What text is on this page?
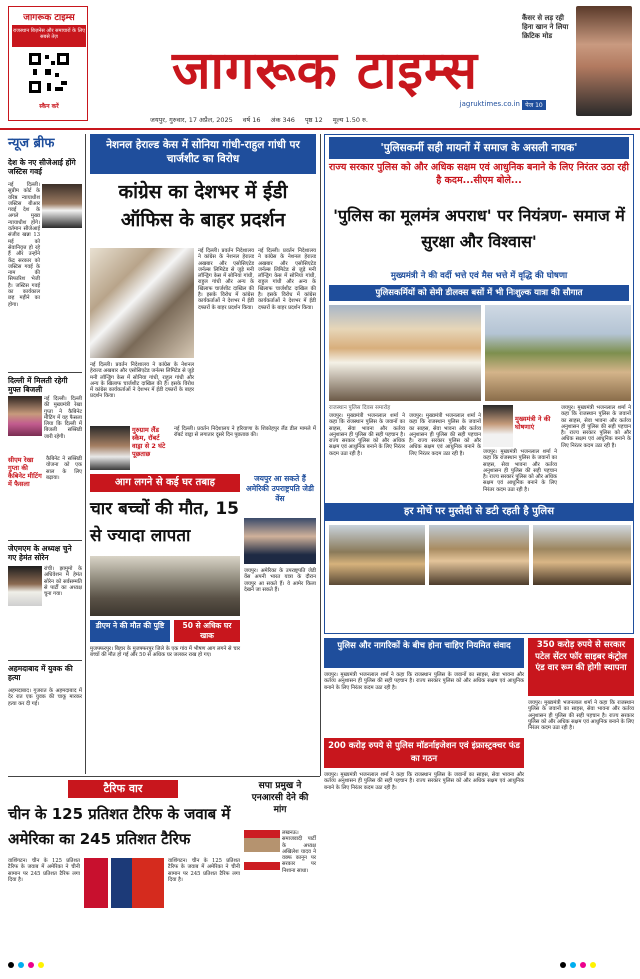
जागरूक टाइम्स
राजस्थान बिज़नेस और समाचारों के लिए सबसे तेज़
स्कैन करें
जागरूक टाइम्स
jagruktimes.co.in
कैंसर से लड़ रही हिना खान ने लिया क्रिटिक मोड
पेज 10
जयपुर, गुरुवार, 17 अप्रैल, 2025 वर्ष 16 अंक 346 पृष्ठ 12 मूल्य 1.50 रु.
न्यूज ब्रीफ
देश के नए सीजेआई होंगे जस्टिस गवई
नई दिल्ली। सुप्रीम कोर्ट के वरिष्ठ न्यायाधीश जस्टिस बीआर गवई देश के अगले मुख्य न्यायाधीश होंगे। वर्तमान सीजेआई संजीव खन्ना 13 मई को सेवानिवृत्त हो रहे हैं और उन्होंने केंद्र सरकार को जस्टिस गवई के नाम की सिफारिश भेजी है। जस्टिस गवई का कार्यकाल छह महीने का होगा।
दिल्ली में मिलती रहेगी मुफ्त बिजली
नई दिल्ली। दिल्ली की मुख्यमंत्री रेखा गुप्ता ने कैबिनेट मीटिंग में यह फैसला लिया कि दिल्ली में बिजली सब्सिडी जारी रहेगी।
सीएम रेखा गुप्ता की कैबिनेट मीटिंग में फैसला
कैबिनेट ने सब्सिडी योजना को एक साल के लिए बढ़ाया।
जेएमएम के अध्यक्ष चुने गए हेमंत सोरेन
रांची। झामुमो के अधिवेशन में हेमंत सोरेन को सर्वसम्मति से पार्टी का अध्यक्ष चुना गया।
अहमदाबाद में युवक की हत्या
अहमदाबाद। गुजरात के अहमदाबाद में देर रात एक युवक की चाकू मारकर हत्या कर दी गई।
नेशनल हेराल्ड केस में सोनिया गांधी-राहुल गांधी पर चार्जशीट का विरोध
कांग्रेस का देशभर में ईडी ऑफिस के बाहर प्रदर्शन
नई दिल्ली। प्रवर्तन निदेशालय ने कांग्रेस के नेशनल हेराल्ड अखबार और एसोसिएटेड जर्नल्स लिमिटेड से जुड़े मनी लॉन्ड्रिंग केस में सोनिया गांधी, राहुल गांधी और अन्य के खिलाफ चार्जशीट दाखिल की है। इसके विरोध में कांग्रेस कार्यकर्ताओं ने देशभर में ईडी दफ्तरों के बाहर प्रदर्शन किया।
नई दिल्ली। प्रवर्तन निदेशालय ने कांग्रेस के नेशनल हेराल्ड अखबार और एसोसिएटेड जर्नल्स लिमिटेड से जुड़े मनी लॉन्ड्रिंग केस में सोनिया गांधी, राहुल गांधी और अन्य के खिलाफ चार्जशीट दाखिल की है। इसके विरोध में कांग्रेस कार्यकर्ताओं ने देशभर में ईडी दफ्तरों के बाहर प्रदर्शन किया।
नई दिल्ली। प्रवर्तन निदेशालय ने कांग्रेस के नेशनल हेराल्ड अखबार और एसोसिएटेड जर्नल्स लिमिटेड से जुड़े मनी लॉन्ड्रिंग केस में सोनिया गांधी, राहुल गांधी और अन्य के खिलाफ चार्जशीट दाखिल की है। इसके विरोध में कांग्रेस कार्यकर्ताओं ने देशभर में ईडी दफ्तरों के बाहर प्रदर्शन किया।
गुरुग्राम लैंड स्कैम, रॉबर्ट वाड्रा से 2 घंटे पूछताछ
नई दिल्ली। प्रवर्तन निदेशालय ने हरियाणा के शिकोहपुर लैंड डील मामले में रॉबर्ट वाड्रा से लगातार दूसरे दिन पूछताछ की।
आग लगने से कई घर तबाह
चार बच्चों की मौत, 15 से ज्यादा लापता
डीएम ने की मौत की पुष्टि	50 से अधिक घर खाक
मुजफ्फरपुर। बिहार के मुजफ्फरपुर जिले के एक गांव में भीषण आग लगने से चार बच्चों की मौत हो गई और 50 से अधिक घर जलकर राख हो गए।
जयपुर आ सकते हैं अमेरिकी उपराष्ट्रपति जेडी वेंस
जयपुर। अमेरिका के उपराष्ट्रपति जेडी वेंस अपनी भारत यात्रा के दौरान जयपुर आ सकते हैं। वे आमेर किला देखने जा सकते हैं।
'पुलिसकर्मी सही मायनों में समाज के असली नायक'
राज्य सरकार पुलिस को और अधिक सक्षम एवं आधुनिक बनाने के लिए निरंतर उठा रही है कदम...सीएम बोले...
'पुलिस का मूलमंत्र अपराध' पर नियंत्रण- समाज में सुरक्षा और विश्वास'
मुख्यमंत्री ने की वर्दी भत्ते एवं मैस भत्ते में वृद्धि की घोषणा
पुलिसकर्मियों को सेमी डीलक्स बसों में भी निःशुल्क यात्रा की सौगात
राजस्थान पुलिस दिवस समारोह
मुख्यमंत्री ने की घोषणाएं
जयपुर। मुख्यमंत्री भजनलाल शर्मा ने कहा कि राजस्थान पुलिस के जवानों का साहस, सेवा भावना और कर्तव्य अनुशासन ही पुलिस की सही पहचान है। राज्य सरकार पुलिस को और अधिक सक्षम एवं आधुनिक बनाने के लिए निरंतर कदम उठा रही है।
जयपुर। मुख्यमंत्री भजनलाल शर्मा ने कहा कि राजस्थान पुलिस के जवानों का साहस, सेवा भावना और कर्तव्य अनुशासन ही पुलिस की सही पहचान है। राज्य सरकार पुलिस को और अधिक सक्षम एवं आधुनिक बनाने के लिए निरंतर कदम उठा रही है।	जयपुर। मुख्यमंत्री भजनलाल शर्मा ने कहा कि राजस्थान पुलिस के जवानों का साहस, सेवा भावना और कर्तव्य अनुशासन ही पुलिस की सही पहचान है। राज्य सरकार पुलिस को और अधिक सक्षम एवं आधुनिक बनाने के लिए निरंतर कदम उठा रही है।
जयपुर। मुख्यमंत्री भजनलाल शर्मा ने कहा कि राजस्थान पुलिस के जवानों का साहस, सेवा भावना और कर्तव्य अनुशासन ही पुलिस की सही पहचान है। राज्य सरकार पुलिस को और अधिक सक्षम एवं आधुनिक बनाने के लिए निरंतर कदम उठा रही है।
हर मोर्चे पर मुस्तैदी से डटी रहती है पुलिस
पुलिस और नागरिकों के बीच होना चाहिए नियमित संवाद
जयपुर। मुख्यमंत्री भजनलाल शर्मा ने कहा कि राजस्थान पुलिस के जवानों का साहस, सेवा भावना और कर्तव्य अनुशासन ही पुलिस की सही पहचान है। राज्य सरकार पुलिस को और अधिक सक्षम एवं आधुनिक बनाने के लिए निरंतर कदम उठा रही है।
200 करोड़ रुपये से पुलिस मॉडर्नाइजेशन एवं इंफ्रास्ट्रक्चर फंड का गठन
जयपुर। मुख्यमंत्री भजनलाल शर्मा ने कहा कि राजस्थान पुलिस के जवानों का साहस, सेवा भावना और कर्तव्य अनुशासन ही पुलिस की सही पहचान है। राज्य सरकार पुलिस को और अधिक सक्षम एवं आधुनिक बनाने के लिए निरंतर कदम उठा रही है।
350 करोड़ रुपये से सरकार पटेल सेंटर फॉर साइबर कंट्रोल एंड वार रूम की होगी स्थापना
जयपुर। मुख्यमंत्री भजनलाल शर्मा ने कहा कि राजस्थान पुलिस के जवानों का साहस, सेवा भावना और कर्तव्य अनुशासन ही पुलिस की सही पहचान है। राज्य सरकार पुलिस को और अधिक सक्षम एवं आधुनिक बनाने के लिए निरंतर कदम उठा रही है।
टैरिफ वार
चीन के 125 प्रतिशत टैरिफ के जवाब में अमेरिका का 245 प्रतिशत टैरिफ
वाशिंगटन। चीन के 125 प्रतिशत टैरिफ के जवाब में अमेरिका ने चीनी सामान पर 245 प्रतिशत टैरिफ लगा दिया है।
वाशिंगटन। चीन के 125 प्रतिशत टैरिफ के जवाब में अमेरिका ने चीनी सामान पर 245 प्रतिशत टैरिफ लगा दिया है।
सपा प्रमुख ने एनआरसी देने की मांग
लखनऊ। समाजवादी पार्टी के अध्यक्ष अखिलेश यादव ने वक्फ कानून पर सरकार पर निशाना साधा।
